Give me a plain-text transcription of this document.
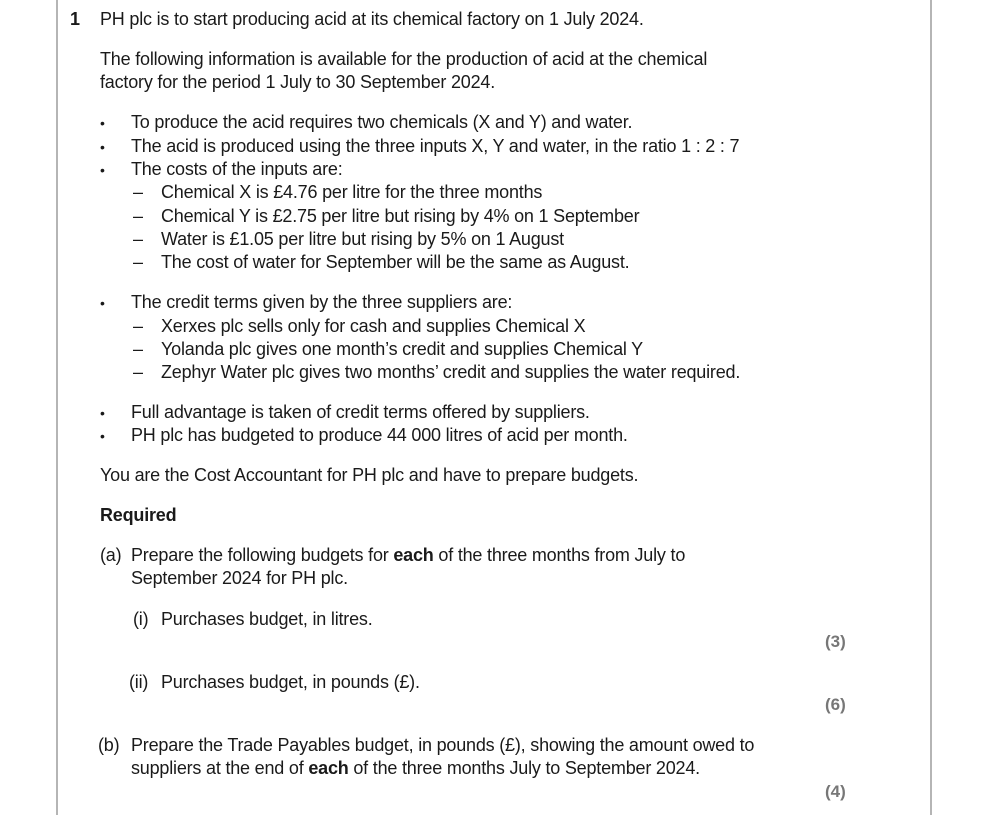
1 PH plc is to start producing acid at its chemical factory on 1 July 2024.
The following information is available for the production of acid at the chemical
factory for the period 1 July to 30 September 2024.
• To produce the acid requires two chemicals (X and Y) and water.
• The acid is produced using the three inputs X, Y and water, in the ratio 1 : 2 : 7
• The costs of the inputs are:
– Chemical X is £4.76 per litre for the three months
– Chemical Y is £2.75 per litre but rising by 4% on 1 September
– Water is £1.05 per litre but rising by 5% on 1 August
– The cost of water for September will be the same as August.
• The credit terms given by the three suppliers are:
– Xerxes plc sells only for cash and supplies Chemical X
– Yolanda plc gives one month’s credit and supplies Chemical Y
– Zephyr Water plc gives two months’ credit and supplies the water required.
• Full advantage is taken of credit terms offered by suppliers.
• PH plc has budgeted to produce 44 000 litres of acid per month.
You are the Cost Accountant for PH plc and have to prepare budgets.
Required
(a) Prepare the following budgets for each of the three months from July to
September 2024 for PH plc.
(i) Purchases budget, in litres.
(3)
(ii) Purchases budget, in pounds (£).
(6)
(b) Prepare the Trade Payables budget, in pounds (£), showing the amount owed to
suppliers at the end of each of the three months July to September 2024.
(4)
